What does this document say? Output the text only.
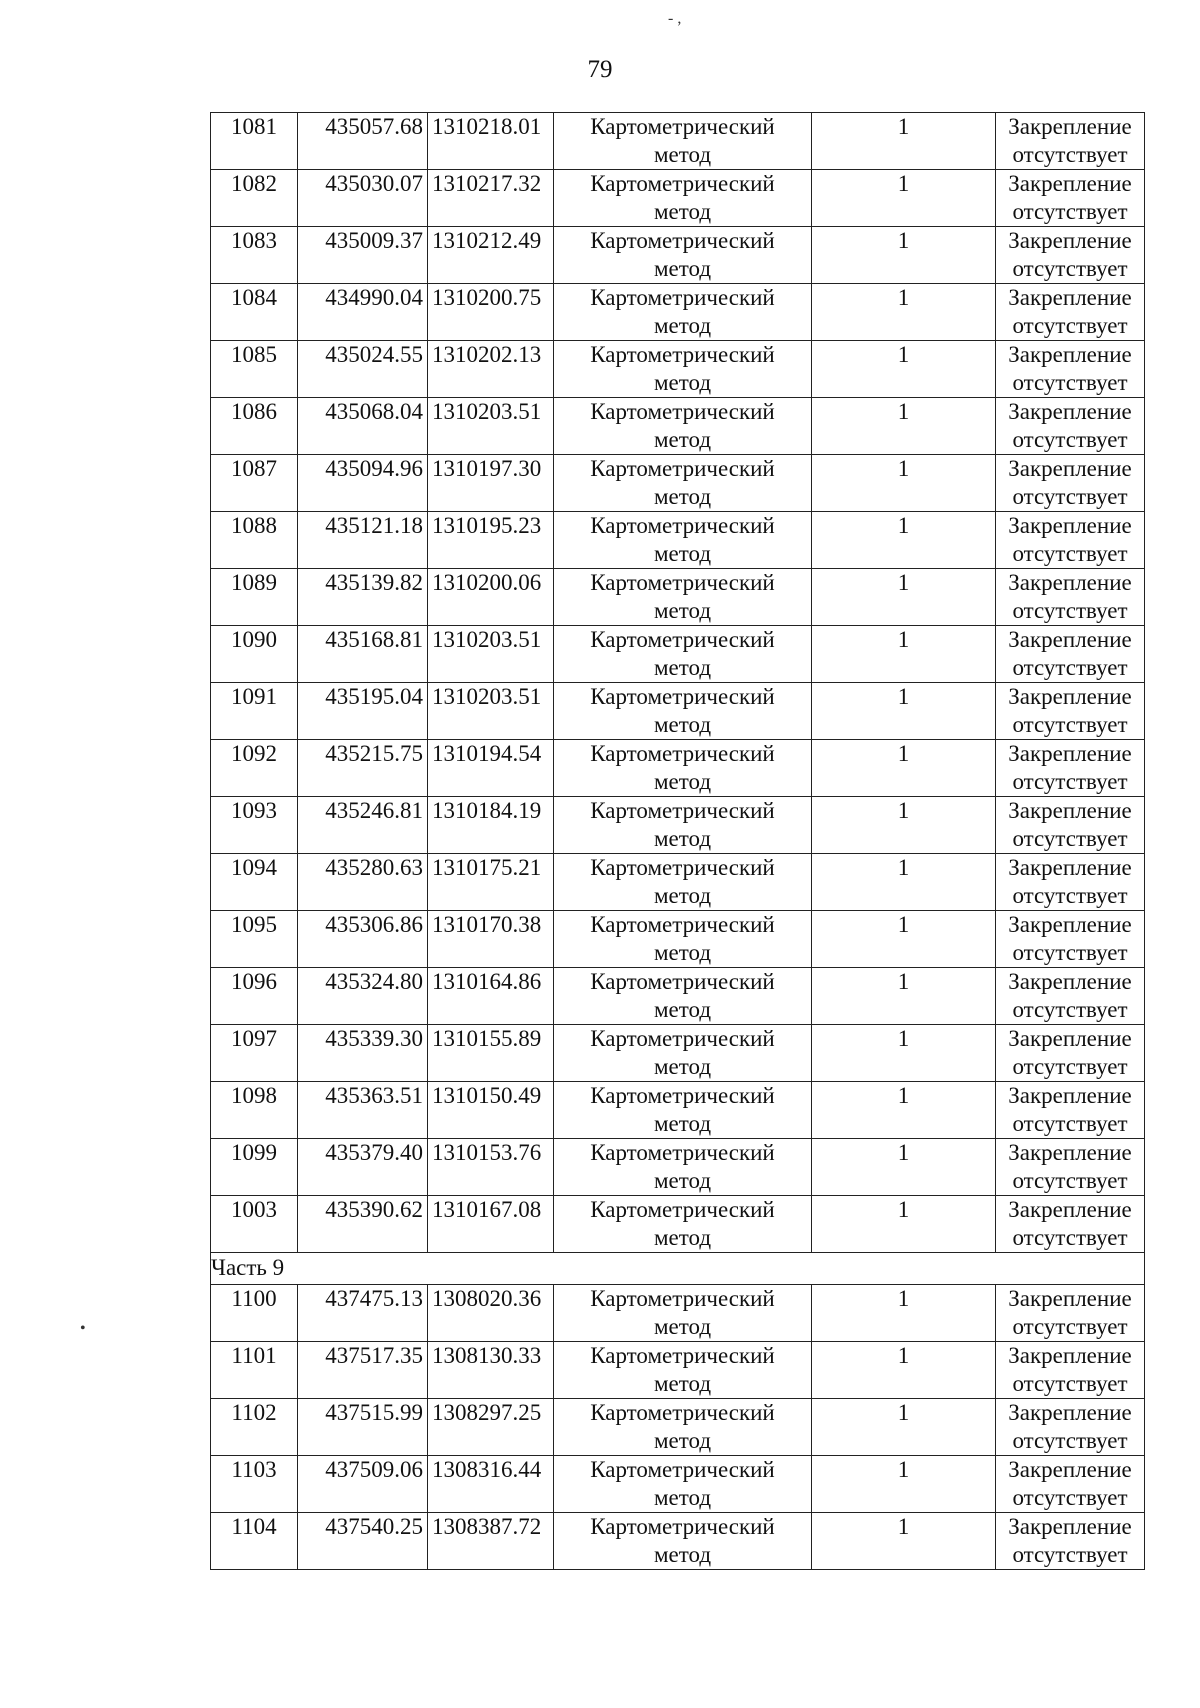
79
- ,
•
1081	435057.68	1310218.01	Картометрический
метод	1	Закрепление
отсутствует

1082	435030.07	1310217.32	Картометрический
метод	1	Закрепление
отсутствует

1083	435009.37	1310212.49	Картометрический
метод	1	Закрепление
отсутствует

1084	434990.04	1310200.75	Картометрический
метод	1	Закрепление
отсутствует

1085	435024.55	1310202.13	Картометрический
метод	1	Закрепление
отсутствует

1086	435068.04	1310203.51	Картометрический
метод	1	Закрепление
отсутствует

1087	435094.96	1310197.30	Картометрический
метод	1	Закрепление
отсутствует

1088	435121.18	1310195.23	Картометрический
метод	1	Закрепление
отсутствует

1089	435139.82	1310200.06	Картометрический
метод	1	Закрепление
отсутствует

1090	435168.81	1310203.51	Картометрический
метод	1	Закрепление
отсутствует

1091	435195.04	1310203.51	Картометрический
метод	1	Закрепление
отсутствует

1092	435215.75	1310194.54	Картометрический
метод	1	Закрепление
отсутствует

1093	435246.81	1310184.19	Картометрический
метод	1	Закрепление
отсутствует

1094	435280.63	1310175.21	Картометрический
метод	1	Закрепление
отсутствует

1095	435306.86	1310170.38	Картометрический
метод	1	Закрепление
отсутствует

1096	435324.80	1310164.86	Картометрический
метод	1	Закрепление
отсутствует

1097	435339.30	1310155.89	Картометрический
метод	1	Закрепление
отсутствует

1098	435363.51	1310150.49	Картометрический
метод	1	Закрепление
отсутствует

1099	435379.40	1310153.76	Картометрический
метод	1	Закрепление
отсутствует

1003	435390.62	1310167.08	Картометрический
метод	1	Закрепление
отсутствует

Часть 9					
1100	437475.13	1308020.36	Картометрический
метод	1	Закрепление
отсутствует

1101	437517.35	1308130.33	Картометрический
метод	1	Закрепление
отсутствует

1102	437515.99	1308297.25	Картометрический
метод	1	Закрепление
отсутствует

1103	437509.06	1308316.44	Картометрический
метод	1	Закрепление
отсутствует

1104	437540.25	1308387.72	Картометрический
метод	1	Закрепление
отсутствует
